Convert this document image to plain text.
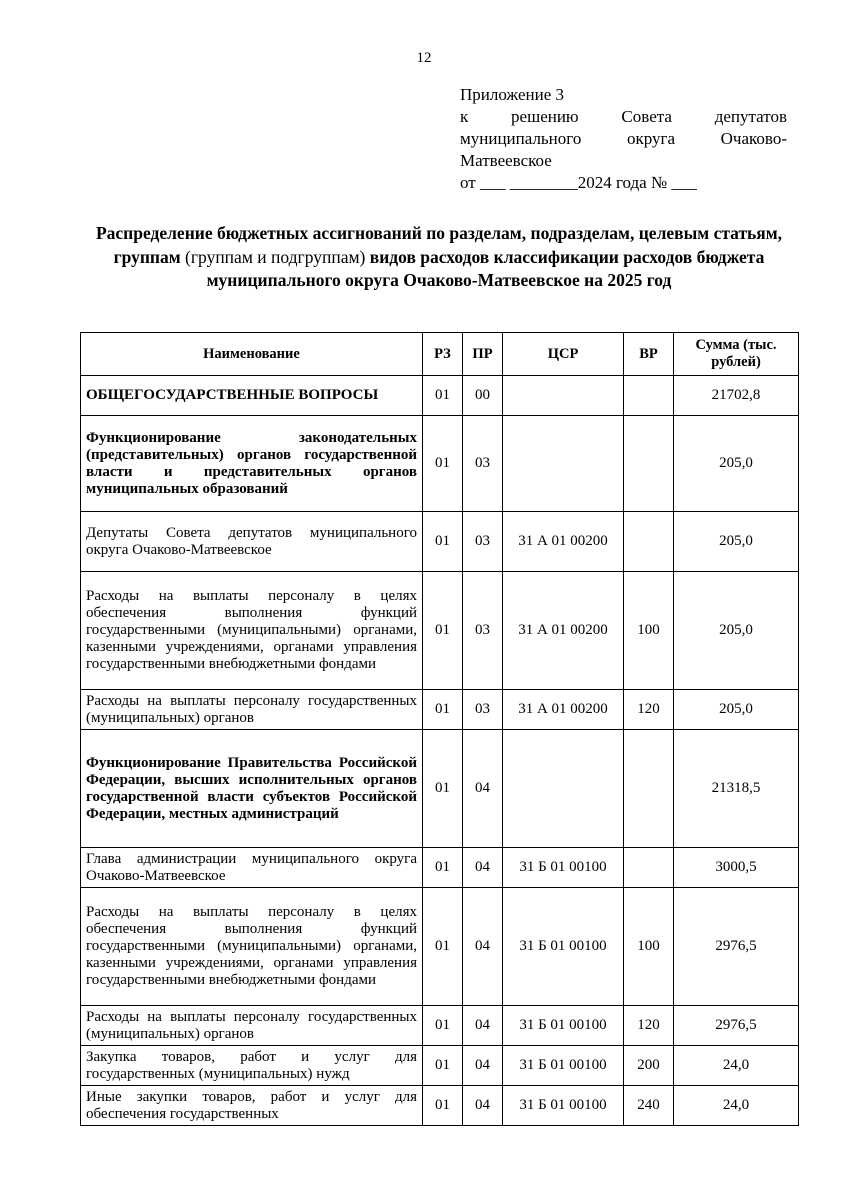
12
Приложение 3
к решению Совета депутатов муниципального округа Очаково-
Матвеевское
от ___ ________2024 года № ___
Распределение бюджетных ассигнований по разделам, подразделам, целевым статьям, группам (группам и подгруппам) видов расходов классификации расходов бюджета муниципального округа Очаково-Матвеевское на 2025 год
Наименование	РЗ	ПР	ЦСР	ВР	Сумма (тыс. рублей)
ОБЩЕГОСУДАРСТВЕННЫЕ ВОПРОСЫ	01	00			21702,8
Функционирование законодательных (представительных) органов государственной власти и представительных органов муниципальных образований	01	03			205,0
Депутаты Совета депутатов муниципального округа Очаково-Матвеевское	01	03	31 А 01 00200		205,0
Расходы на выплаты персоналу в целях обеспечения выполнения функций государственными (муниципальными) органами, казенными учреждениями, органами управления государственными внебюджетными фондами	01	03	31 А 01 00200	100	205,0
Расходы на выплаты персоналу государственных (муниципальных) органов	01	03	31 А 01 00200	120	205,0
Функционирование Правительства Российской Федерации, высших исполнительных органов государственной власти субъектов Российской Федерации, местных администраций	01	04			21318,5
Глава администрации муниципального округа Очаково-Матвеевское	01	04	31 Б 01 00100		3000,5
Расходы на выплаты персоналу в целях обеспечения выполнения функций государственными (муниципальными) органами, казенными учреждениями, органами управления государственными внебюджетными фондами	01	04	31 Б 01 00100	100	2976,5
Расходы на выплаты персоналу государственных (муниципальных) органов	01	04	31 Б 01 00100	120	2976,5
Закупка товаров, работ и услуг для государственных (муниципальных) нужд	01	04	31 Б 01 00100	200	24,0
Иные закупки товаров, работ и услуг для обеспечения государственных	01	04	31 Б 01 00100	240	24,0
